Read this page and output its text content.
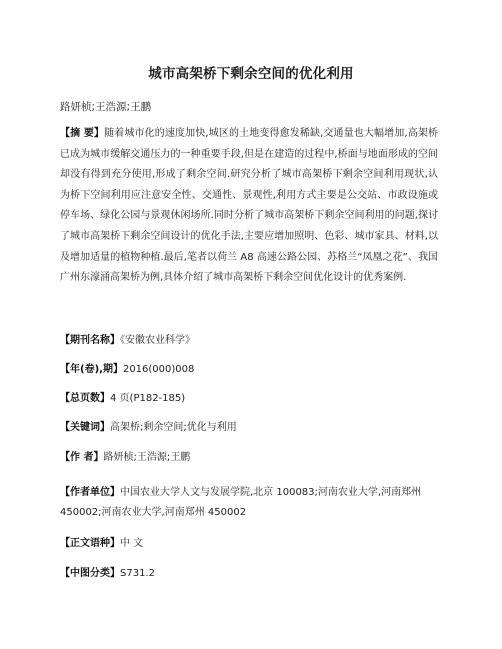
城市高架桥下剩余空间的优化利用
路妍桢;王浩源;王鹏
【摘 要】随着城市化的速度加快,城区的土地变得愈发稀缺,交通量也大幅增加,高架桥已成为城市缓解交通压力的一种重要手段,但是在建造的过程中,桥面与地面形成的空间却没有得到充分使用,形成了剩余空间.研究分析了城市高架桥下剩余空间利用现状,认为桥下空间利用应注意安全性、交通性、景观性,利用方式主要是公交站、市政设施或停车场、绿化公园与景观休闲场所.同时分析了城市高架桥下剩余空间利用的问题,探讨了城市高架桥下剩余空间设计的优化手法,主要应增加照明、色彩、城市家具、材料,以及增加适量的植物种植.最后,笔者以荷兰 A8 高速公路公园、苏格兰“凤凰之花”、我国广州东濠涌高架桥为例,具体介绍了城市高架桥下剩余空间优化设计的优秀案例.
【期刊名称】《安徽农业科学》
【年(卷),期】2016(000)008
【总页数】4 页(P182-185)
【关键词】高架桥;剩余空间;优化与利用
【作 者】路妍桢;王浩源;王鹏
【作者单位】中国农业大学人文与发展学院,北京 100083;河南农业大学,河南郑州 450002;河南农业大学,河南郑州 450002
【正文语种】中 文
【中图分类】S731.2
